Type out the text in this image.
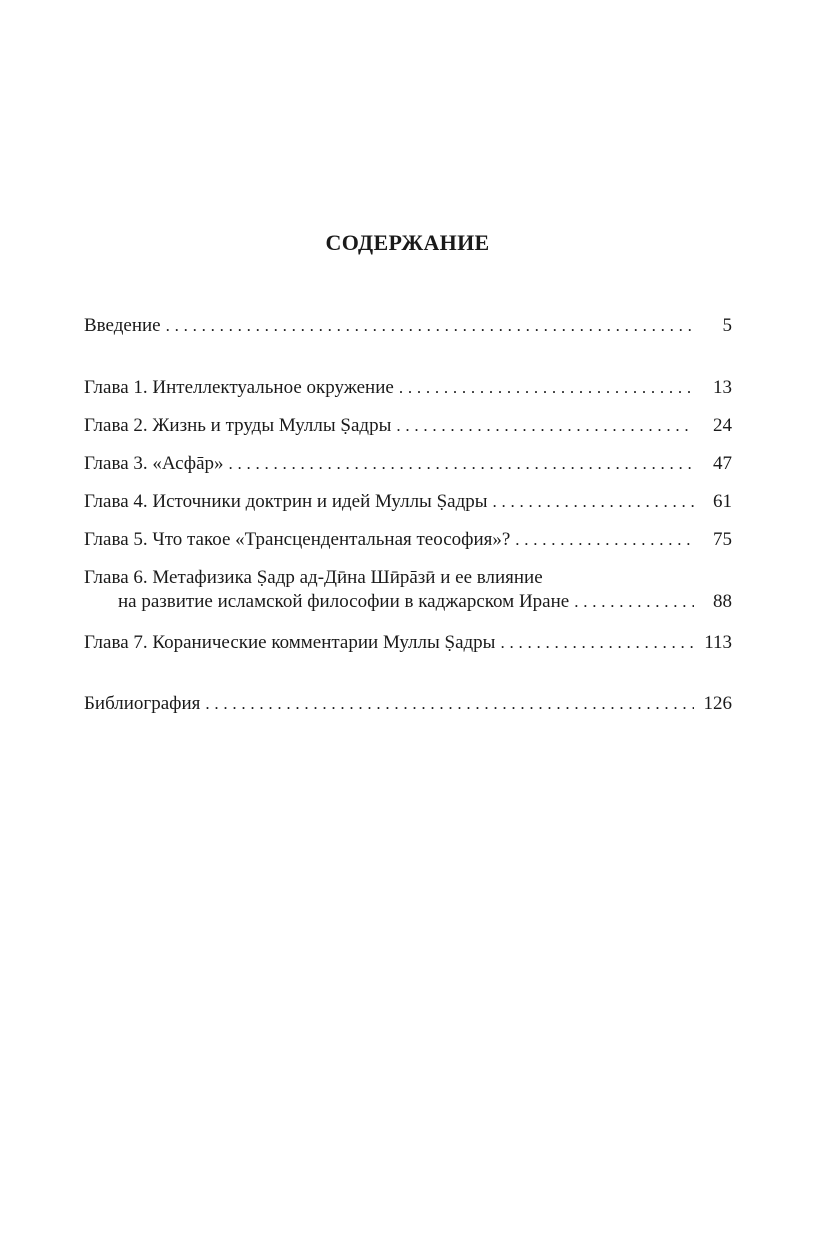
СОДЕРЖАНИЕ
Введение . . .	5
Глава 1. Интеллектуальное окружение . . .	13
Глава 2. Жизнь и труды Муллы Ṣадры . . .	24
Глава 3. «Асфāр» . . .	47
Глава 4. Источники доктрин и идей Муллы Ṣадры . . .	61
Глава 5. Что такое «Трансцендентальная теософия»? . . .	75
Глава 6. Метафизика Ṣадр ад-Дӣна Шӣрāзӣ и ее влияние
на развитие исламской философии в каджарском Иране . . .	88
Глава 7. Коранические комментарии Муллы Ṣадры . . .	113
Библиография . . .	126
